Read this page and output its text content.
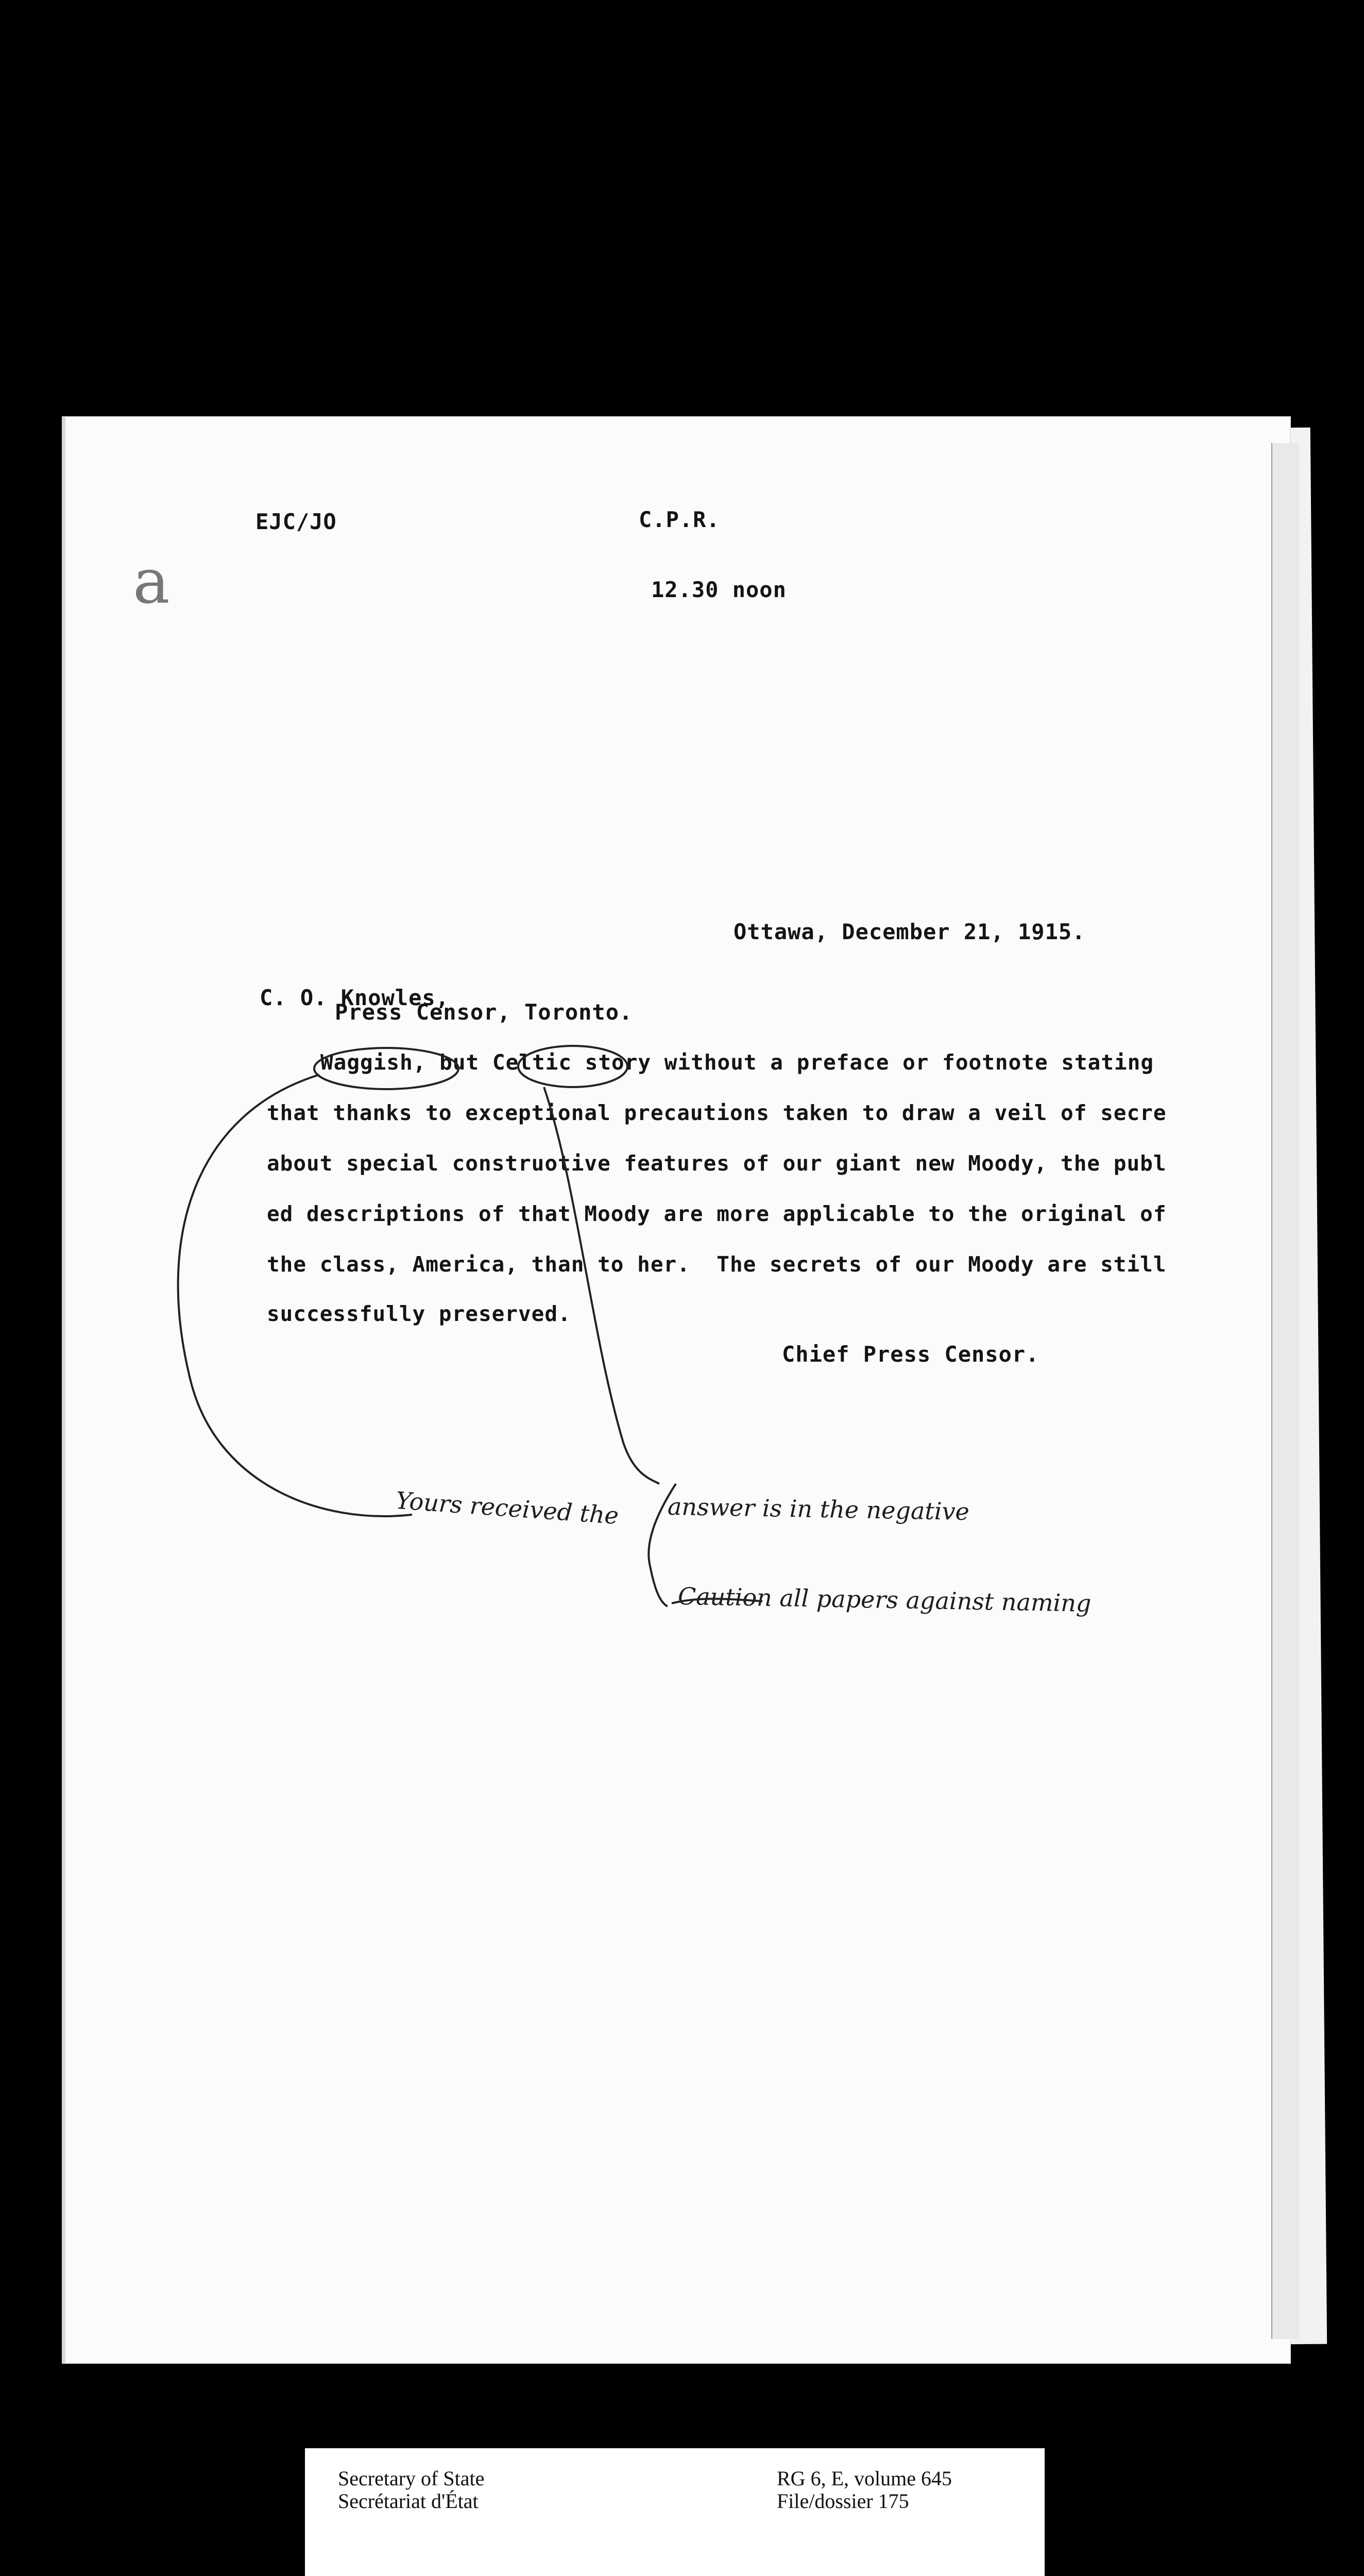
a
EJC/JO	C.P.R.
12.30 noon
Ottawa, December 21, 1915.
C. O. Knowles,
Press Censor, Toronto.
Waggish, but Celtic story without a preface or footnote stating
that thanks to exceptional precautions taken to draw a veil of secre
about special construotive features of our giant new Moody, the publ
ed descriptions of that Moody are more applicable to the original of
the class, America, than to her.  The secrets of our Moody are still
successfully preserved.
Chief Press Censor.
Yours received the answer is in the negative
Caution all papers against naming
Secretary of State
Secrétariat d'État
RG 6, E, volume 645
File/dossier 175
